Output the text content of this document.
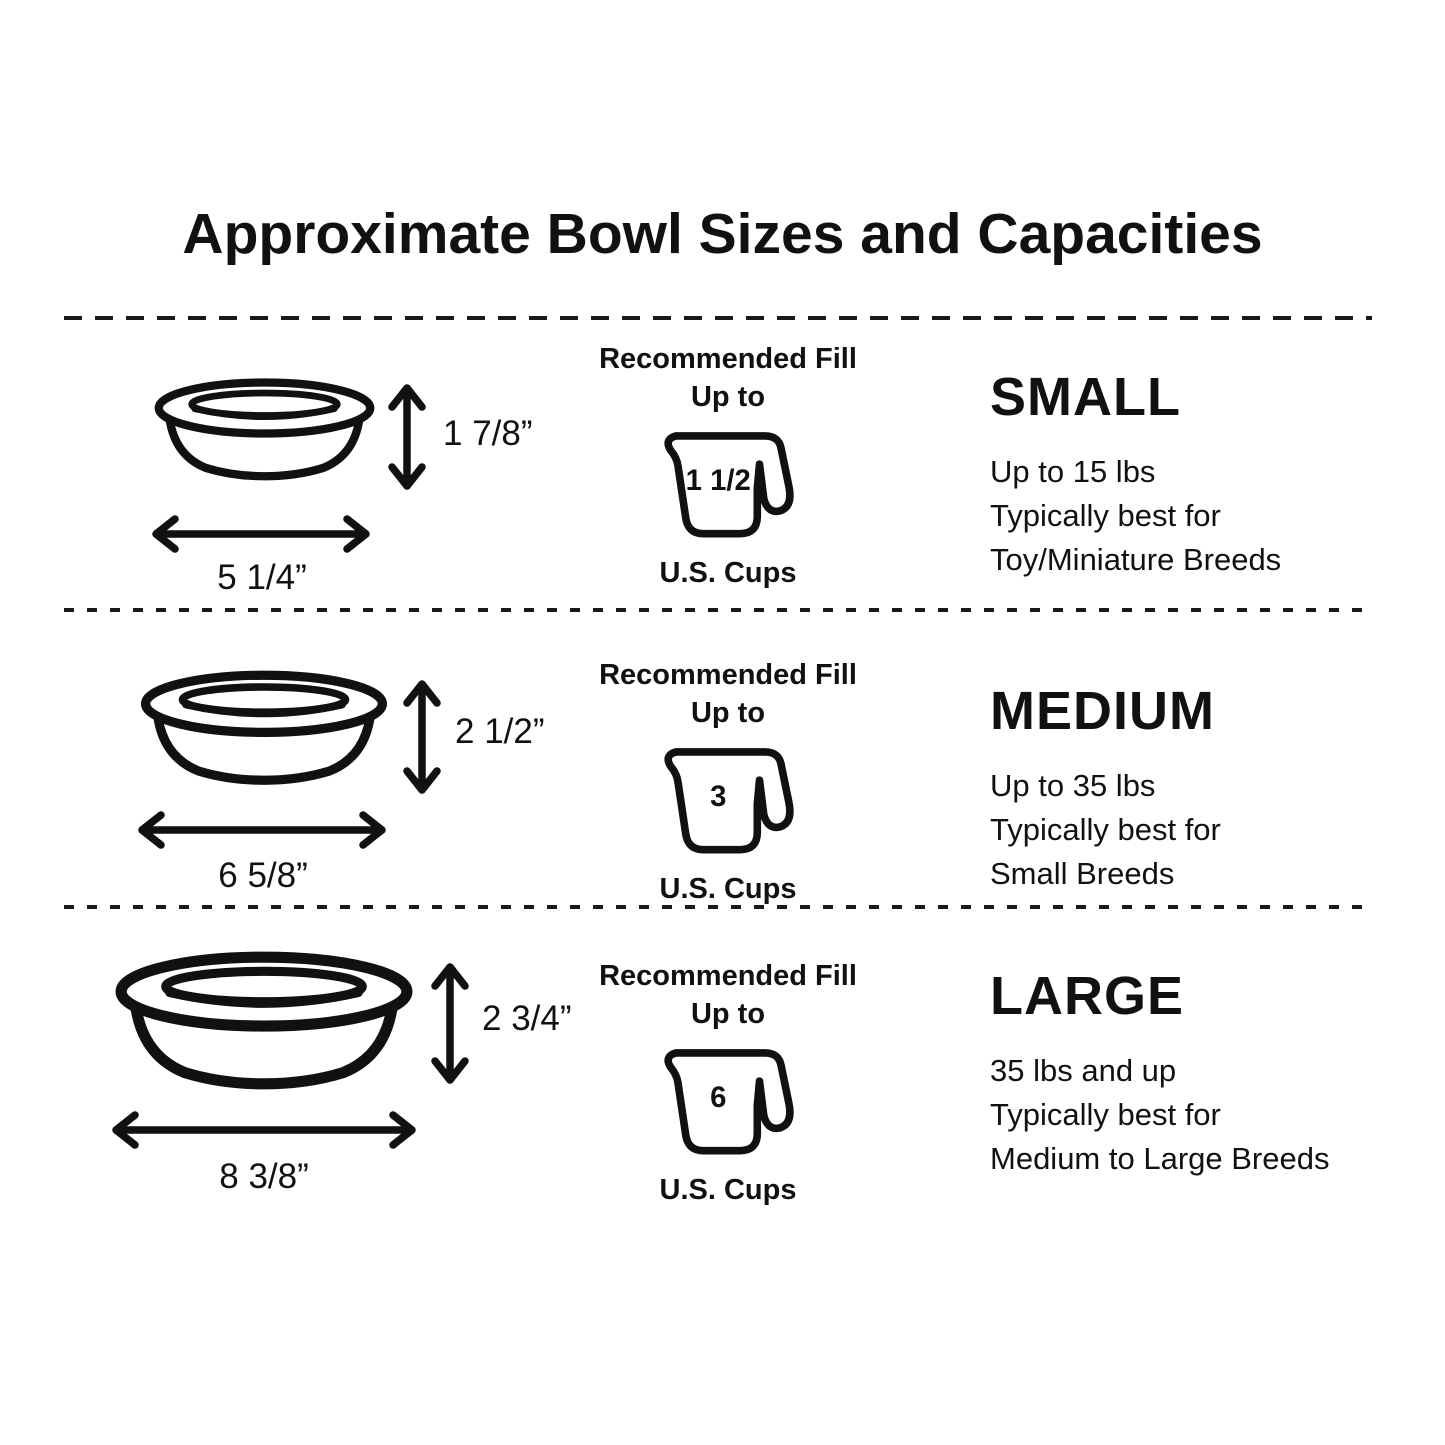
Approximate Bowl Sizes and Capacities
1 7/8”
5 1/4”
Recommended Fill
Up to
1 1/2
U.S. Cups
SMALL

Up to 15 lbs
Typically best for
Toy/Miniature Breeds

2 1/2”
6 5/8”
Recommended Fill
Up to
3
U.S. Cups
MEDIUM

Up to 35 lbs
Typically best for
Small Breeds

2 3/4”
8 3/8”
Recommended Fill
Up to
6
U.S. Cups
LARGE

35 lbs and up
Typically best for
Medium to Large Breeds
